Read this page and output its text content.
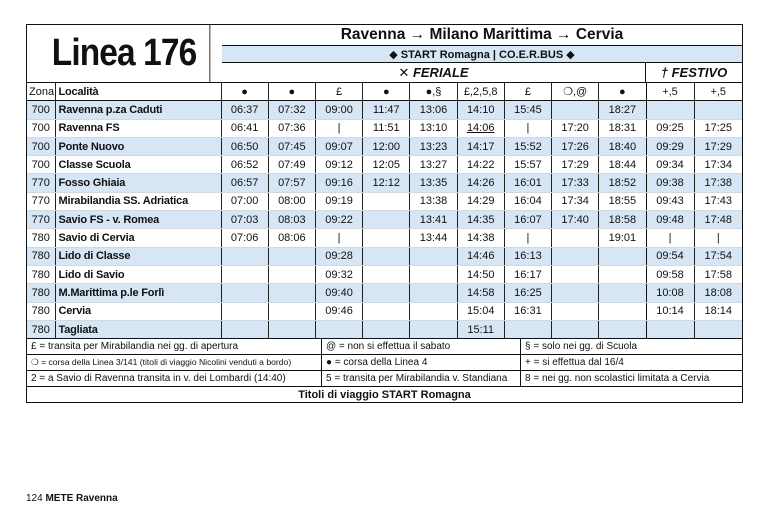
Linea 176	Ravenna → Milano Marittima → Cervia
◆ START Romagna | CO.E.R.BUS ◆
✕ FERIALE	† FESTIVO
Zona	Località	●	●	£	●	●,§	£,2,5,8	£	❍,@	●	+,5	+,5
700	Ravenna p.za Caduti	06:37	07:32	09:00	11:47	13:06	14:10	15:45		18:27		
700	Ravenna FS	06:41	07:36	|	11:51	13:10	14:06	|	17:20	18:31	09:25	17:25
700	Ponte Nuovo	06:50	07:45	09:07	12:00	13:23	14:17	15:52	17:26	18:40	09:29	17:29
700	Classe Scuola	06:52	07:49	09:12	12:05	13:27	14:22	15:57	17:29	18:44	09:34	17:34
770	Fosso Ghiaia	06:57	07:57	09:16	12:12	13:35	14:26	16:01	17:33	18:52	09:38	17:38
770	Mirabilandia SS. Adriatica	07:00	08:00	09:19		13:38	14:29	16:04	17:34	18:55	09:43	17:43
770	Savio FS - v. Romea	07:03	08:03	09:22		13:41	14:35	16:07	17:40	18:58	09:48	17:48
780	Savio di Cervia	07:06	08:06	|		13:44	14:38	|		19:01	|	|
780	Lido di Classe			09:28			14:46	16:13			09:54	17:54
780	Lido di Savio			09:32			14:50	16:17			09:58	17:58
780	M.Marittima p.le Forlì			09:40			14:58	16:25			10:08	18:08
780	Cervia			09:46			15:04	16:31			10:14	18:14
780	Tagliata						15:11					
£ = transita per Mirabilandia nei gg. di apertura	@ = non si effettua il sabato	§ = solo nei gg. di Scuola
❍ = corsa della Linea 3/141 (titoli di viaggio Nicolini venduti a bordo)	● = corsa della Linea 4	+ = si effettua dal 16/4
2 = a Savio di Ravenna transita in v. dei Lombardi (14:40)	5 = transita per Mirabilandia v. Standiana	8 = nei gg. non scolastici limitata a Cervia
Titoli di viaggio START Romagna
124 METE Ravenna
